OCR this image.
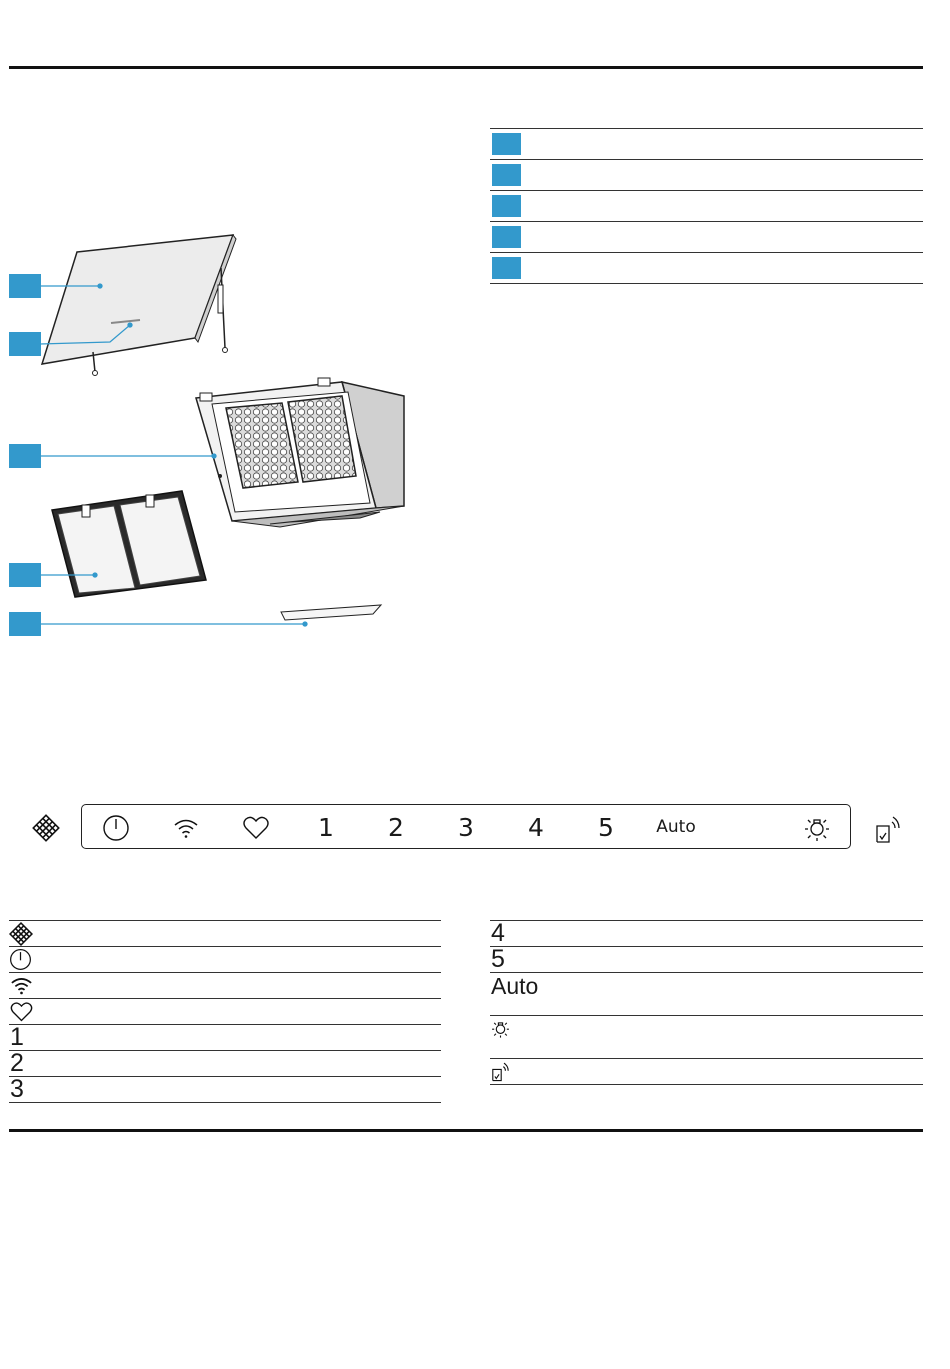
1 2 3 4 5 Auto
1
2
3
4
5
Auto
